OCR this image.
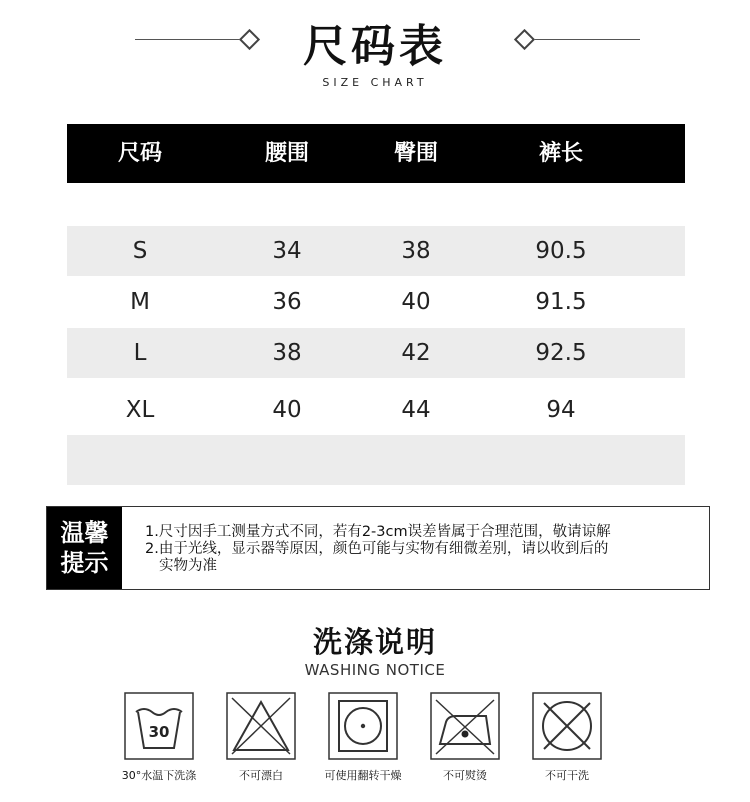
尺码表
SIZE CHART
尺码	腰围	臀围	裤长
S	34	38	90.5
M	36	40	91.5
L	38	42	92.5
XL	40	44	94
温馨
提示
1.尺寸因手工测量方式不同，若有2-3cm误差皆属于合理范围，敬请谅解
2.由于光线，显示器等原因，颜色可能与实物有细微差别，请以收到后的
实物为准
洗涤说明
WASHING NOTICE
30
30°水温下洗涤	不可漂白	可使用翻转干燥	不可熨烫	不可干洗
